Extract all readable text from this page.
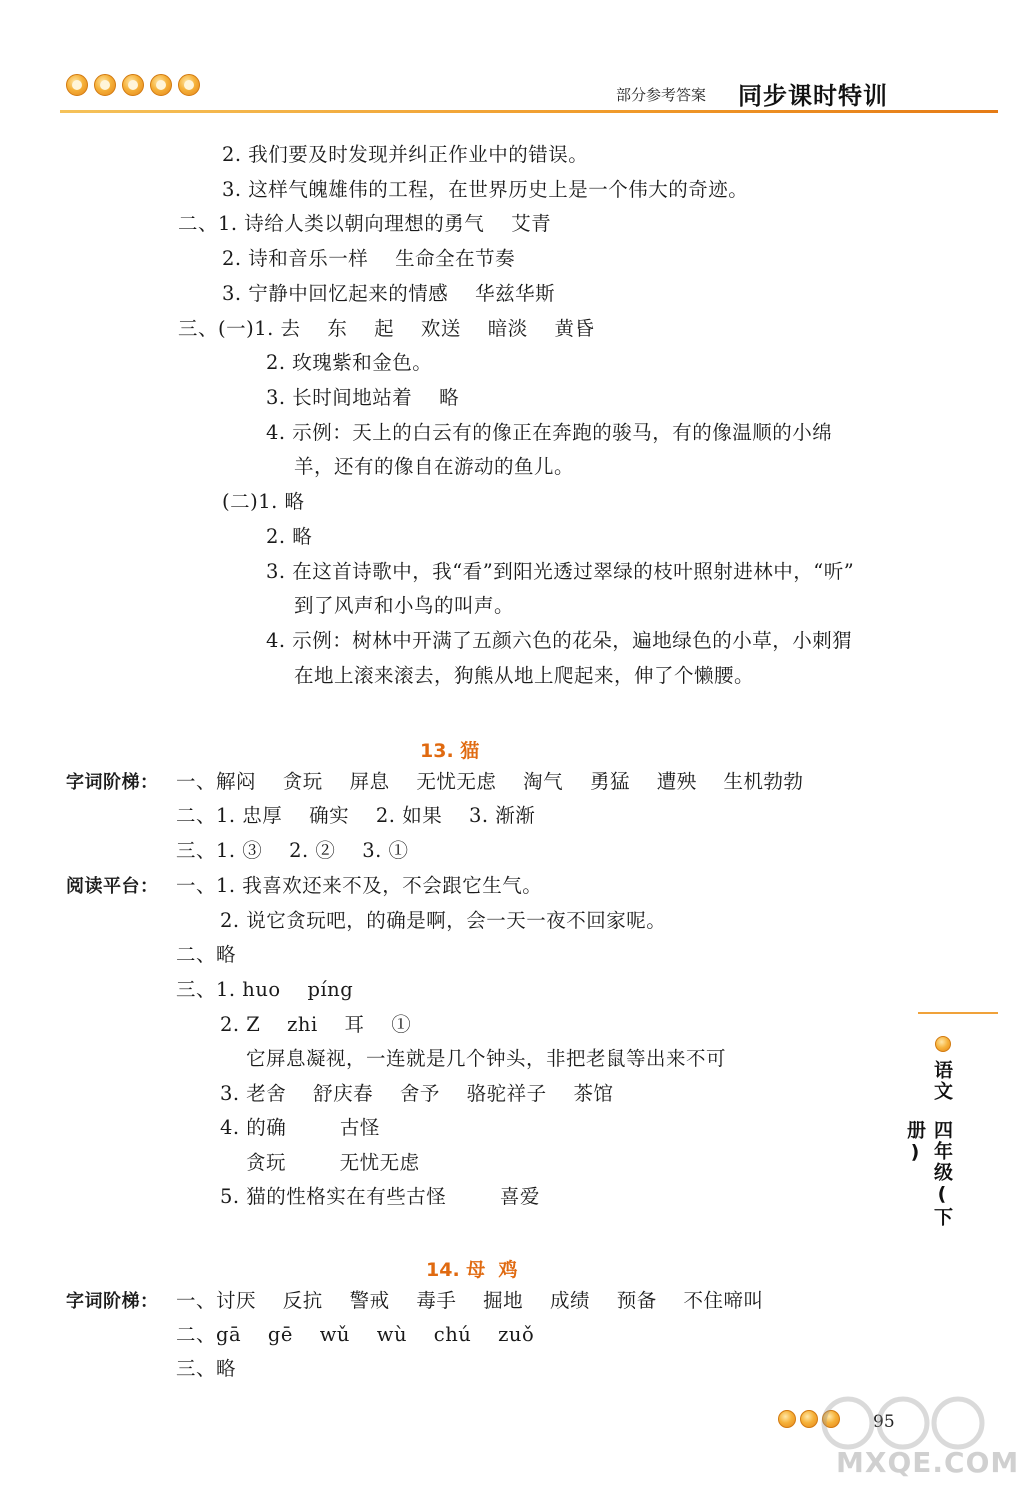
部分参考答案 同步课时特训
2. 我们要及时发现并纠正作业中的错误。
3. 这样气魄雄伟的工程，在世界历史上是一个伟大的奇迹。
二、1. 诗给人类以朝向理想的勇气    艾青
2. 诗和音乐一样    生命全在节奏
3. 宁静中回忆起来的情感    华兹华斯
三、(一)1. 去    东    起    欢送    暗淡    黄昏
2. 玫瑰紫和金色。
3. 长时间地站着    略
4. 示例：天上的白云有的像正在奔跑的骏马，有的像温顺的小绵
羊，还有的像自在游动的鱼儿。
(二)1. 略
2. 略
3. 在这首诗歌中，我“看”到阳光透过翠绿的枝叶照射进林中，“听”
到了风声和小鸟的叫声。
4. 示例：树林中开满了五颜六色的花朵，遍地绿色的小草，小刺猬
在地上滚来滚去，狗熊从地上爬起来，伸了个懒腰。
13. 猫
字词阶梯： 一、解闷    贪玩    屏息    无忧无虑    淘气    勇猛    遭殃    生机勃勃
二、1. 忠厚    确实    2. 如果    3. 渐渐
三、1. ③    2. ②    3. ①
阅读平台： 一、1. 我喜欢还来不及，不会跟它生气。
2. 说它贪玩吧，的确是啊，会一天一夜不回家呢。
二、略
三、1. huo    píng
2. Z    zhi    耳    ①
它屏息凝视，一连就是几个钟头，非把老鼠等出来不可
3. 老舍    舒庆春    舍予    骆驼祥子    茶馆
4. 的确        古怪
贪玩        无忧无虑
5. 猫的性格实在有些古怪        喜爱
14. 母  鸡
字词阶梯： 一、讨厌    反抗    警戒    毒手    掘地    成绩    预备    不住啼叫
二、gā    gē    wǔ    wù    chú    zuǒ
三、略
语文
四年级(下册)
95
MXQE.COM
